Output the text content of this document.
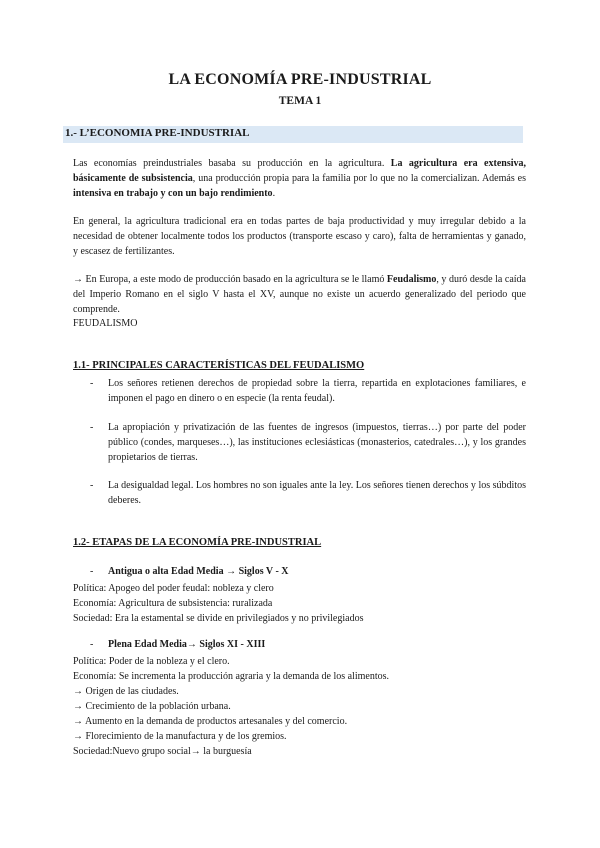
LA ECONOMÍA PRE-INDUSTRIAL
TEMA 1
1.- L’ECONOMIA PRE-INDUSTRIAL

Las economías preindustriales basaba su producción en la agricultura. La agricultura era extensiva, básicamente de subsistencia, una producción propia para la familia por lo que no la comercializan. Además es intensiva en trabajo y con un bajo rendimiento.

En general, la agricultura tradicional era en todas partes de baja productividad y muy irregular debido a la necesidad de obtener localmente todos los productos (transporte escaso y caro), falta de herramientas y ganado, y escasez de fertilizantes.

→ En Europa, a este modo de producción basado en la agricultura se le llamó Feudalismo, y duró desde la caída del Imperio Romano en el siglo V hasta el XV, aunque no existe un acuerdo generalizado del periodo que comprende.

FEUDALISMO
1.1- PRINCIPALES CARACTERÍSTICAS DEL FEUDALISMO
- Los señores retienen derechos de propiedad sobre la tierra, repartida en explotaciones familiares, e imponen el pago en dinero o en especie (la renta feudal).
- La apropiación y privatización de las fuentes de ingresos (impuestos, tierras…) por parte del poder público (condes, marqueses…), las instituciones eclesiásticas (monasterios, catedrales…), y los grandes propietarios de tierras.
- La desigualdad legal. Los hombres no son iguales ante la ley. Los señores tienen derechos y los súbditos deberes.
1.2- ETAPAS DE LA ECONOMÍA PRE-INDUSTRIAL
- Antigua o alta Edad Media → Siglos V - X
Política: Apogeo del poder feudal: nobleza y clero
Economía: Agricultura de subsistencia: ruralizada
Sociedad: Era la estamental se divide en privilegiados y no privilegiados
- Plena Edad Media→ Siglos XI - XIII
Política: Poder de la nobleza y el clero.
Economía: Se incrementa la producción agraria y la demanda de los alimentos.
→ Origen de las ciudades.
→ Crecimiento de la población urbana.
→ Aumento en la demanda de productos artesanales y del comercio.
→ Florecimiento de la manufactura y de los gremios.
Sociedad:Nuevo grupo social→ la burguesía
